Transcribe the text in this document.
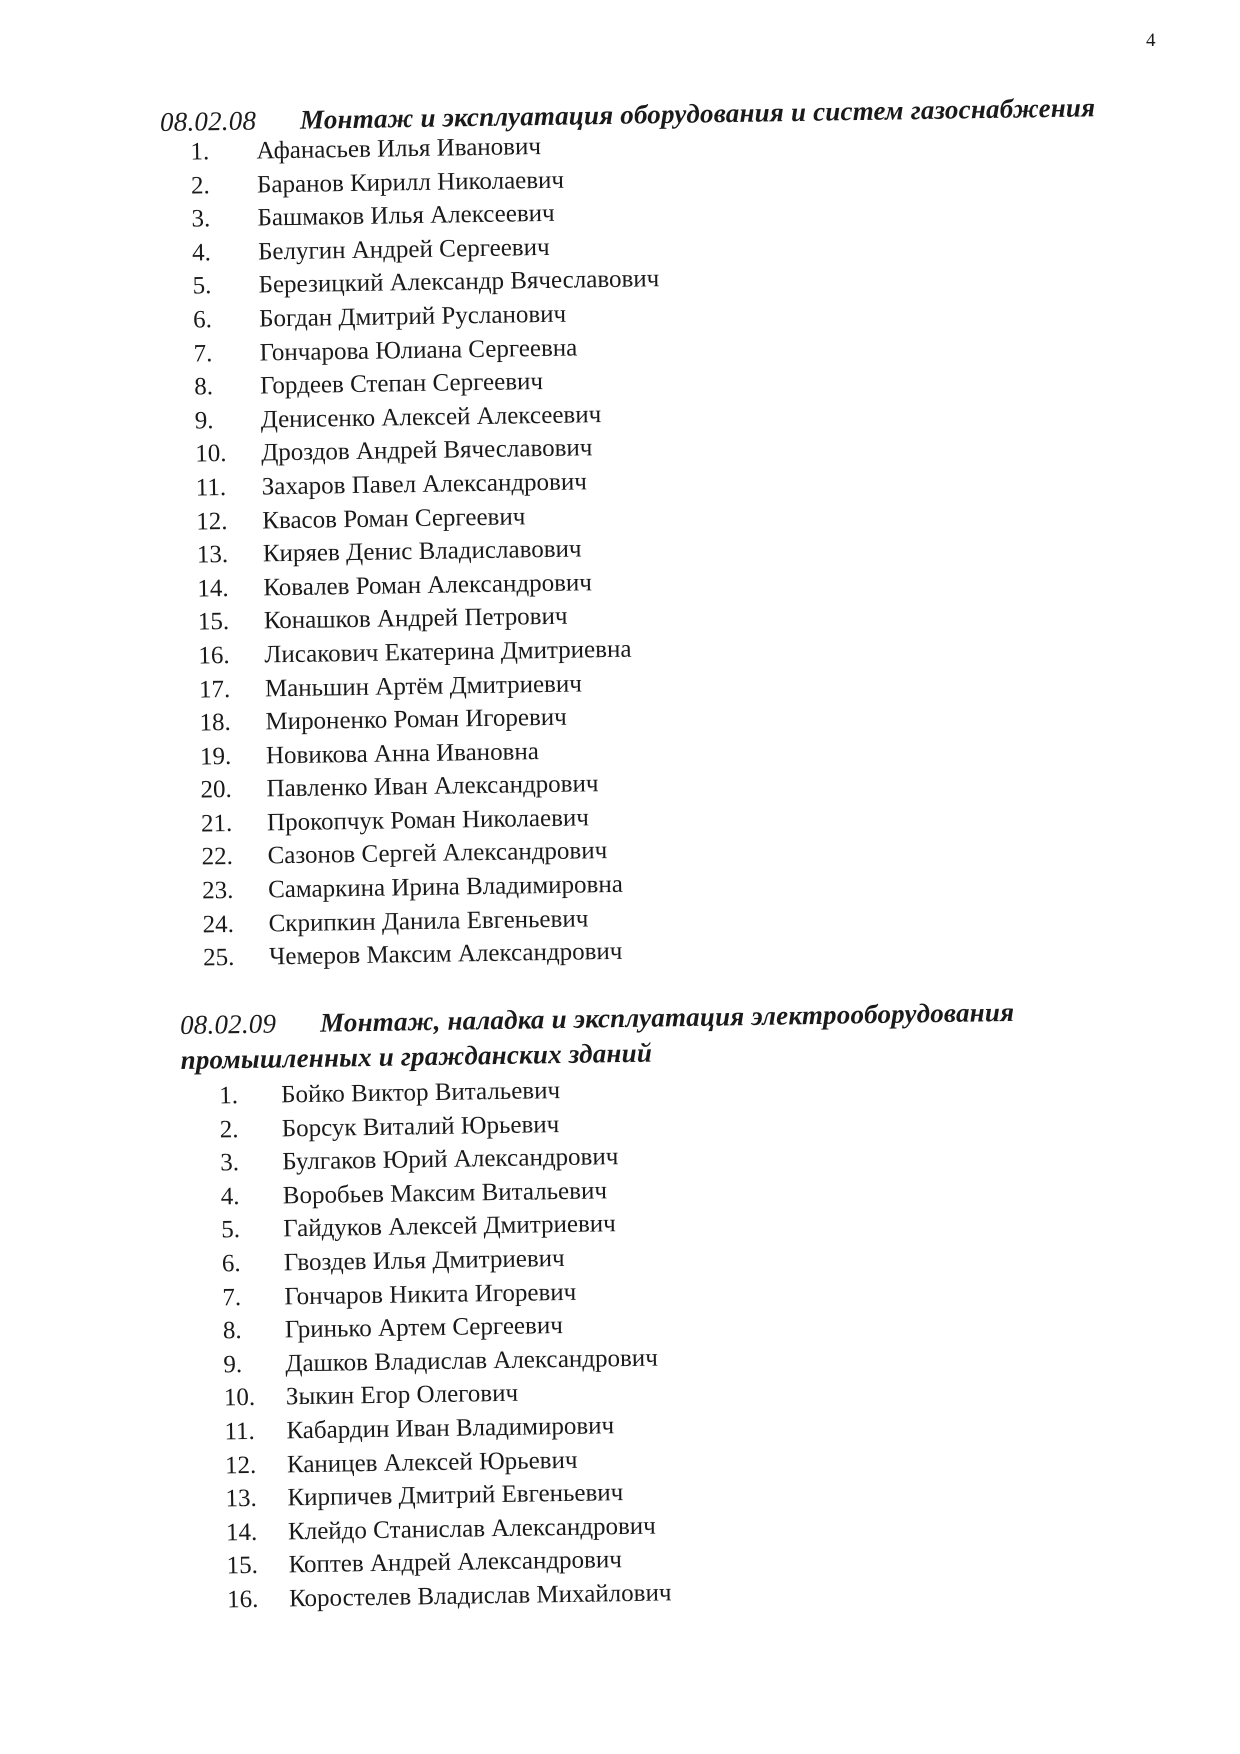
4
08.02.08 Монтаж и эксплуатация оборудования и систем газоснабжения
1.	Афанасьев Илья Иванович
2.	Баранов Кирилл Николаевич
3.	Башмаков Илья Алексеевич
4.	Белугин Андрей Сергеевич
5.	Березицкий Александр Вячеславович
6.	Богдан Дмитрий Русланович
7.	Гончарова Юлиана Сергеевна
8.	Гордеев Степан Сергеевич
9.	Денисенко Алексей Алексеевич
10.	Дроздов Андрей Вячеславович
11.	Захаров Павел Александрович
12.	Квасов Роман Сергеевич
13.	Киряев Денис Владиславович
14.	Ковалев Роман Александрович
15.	Конашков Андрей Петрович
16.	Лисакович Екатерина Дмитриевна
17.	Маньшин Артём Дмитриевич
18.	Мироненко Роман Игоревич
19.	Новикова Анна Ивановна
20.	Павленко Иван Александрович
21.	Прокопчук Роман Николаевич
22.	Сазонов Сергей Александрович
23.	Самаркина Ирина Владимировна
24.	Скрипкин Данила Евгеньевич
25.	Чемеров Максим Александрович
08.02.09 Монтаж, наладка и эксплуатация электрооборудования
промышленных и гражданских зданий
1.	Бойко Виктор Витальевич
2.	Борсук Виталий Юрьевич
3.	Булгаков Юрий Александрович
4.	Воробьев Максим Витальевич
5.	Гайдуков Алексей Дмитриевич
6.	Гвоздев Илья Дмитриевич
7.	Гончаров Никита Игоревич
8.	Гринько Артем Сергеевич
9.	Дашков Владислав Александрович
10.	Зыкин Егор Олегович
11.	Кабардин Иван Владимирович
12.	Каницев Алексей Юрьевич
13.	Кирпичев Дмитрий Евгеньевич
14.	Клейдо Станислав Александрович
15.	Коптев Андрей Александрович
16.	Коростелев Владислав Михайлович
